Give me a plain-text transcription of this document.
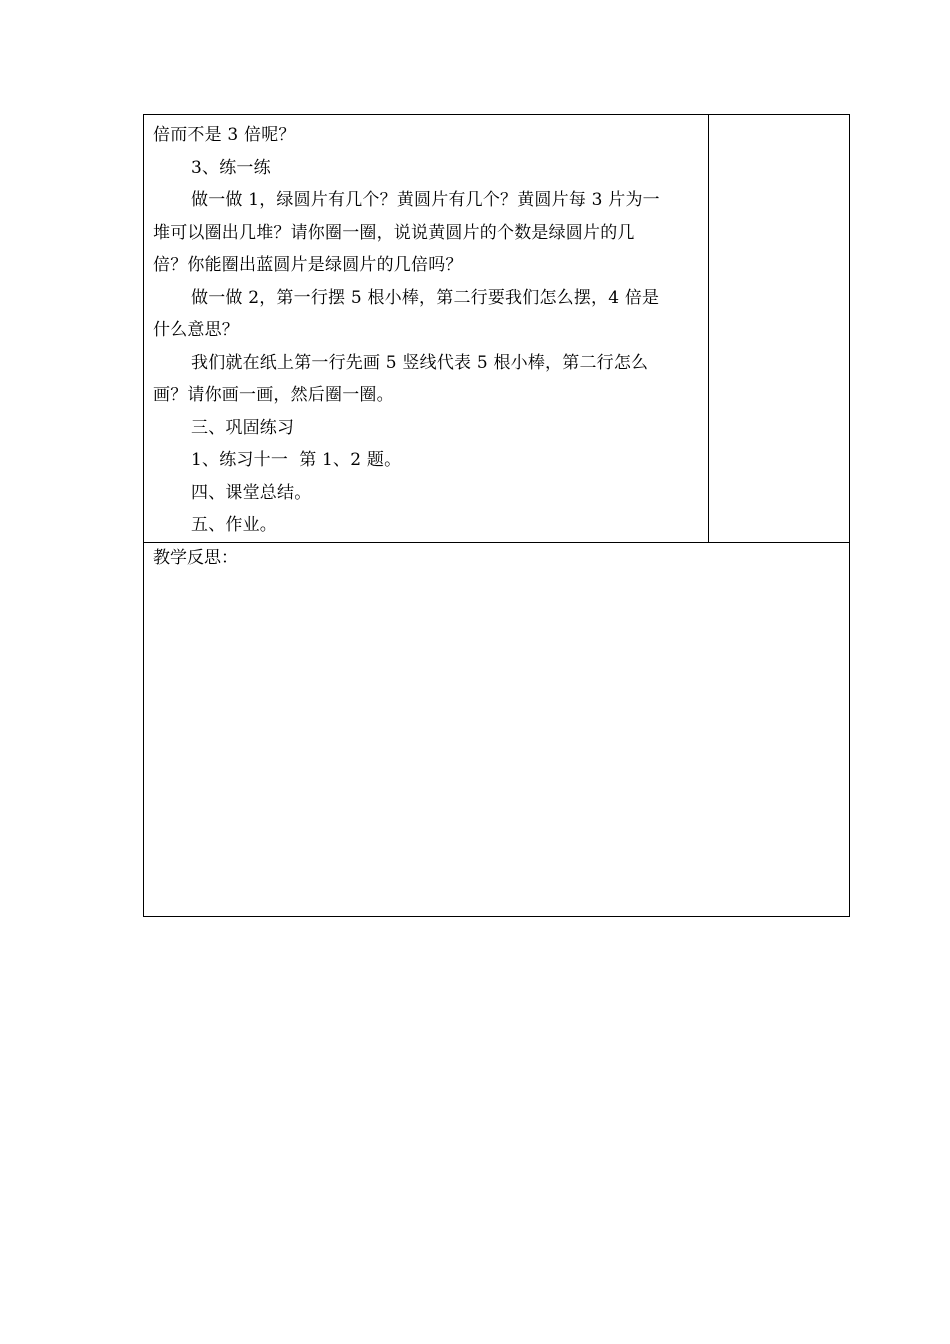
倍而不是 3 倍呢？
3、练一练
做一做 1，绿圆片有几个？黄圆片有几个？黄圆片每 3 片为一
堆可以圈出几堆？请你圈一圈，说说黄圆片的个数是绿圆片的几
倍？你能圈出蓝圆片是绿圆片的几倍吗？
做一做 2，第一行摆 5 根小棒，第二行要我们怎么摆，4 倍是
什么意思？
我们就在纸上第一行先画 5 竖线代表 5 根小棒，第二行怎么
画？请你画一画，然后圈一圈。
三、巩固练习
1、练习十一  第 1、2 题。
四、课堂总结。
五、作业。

教学反思：
